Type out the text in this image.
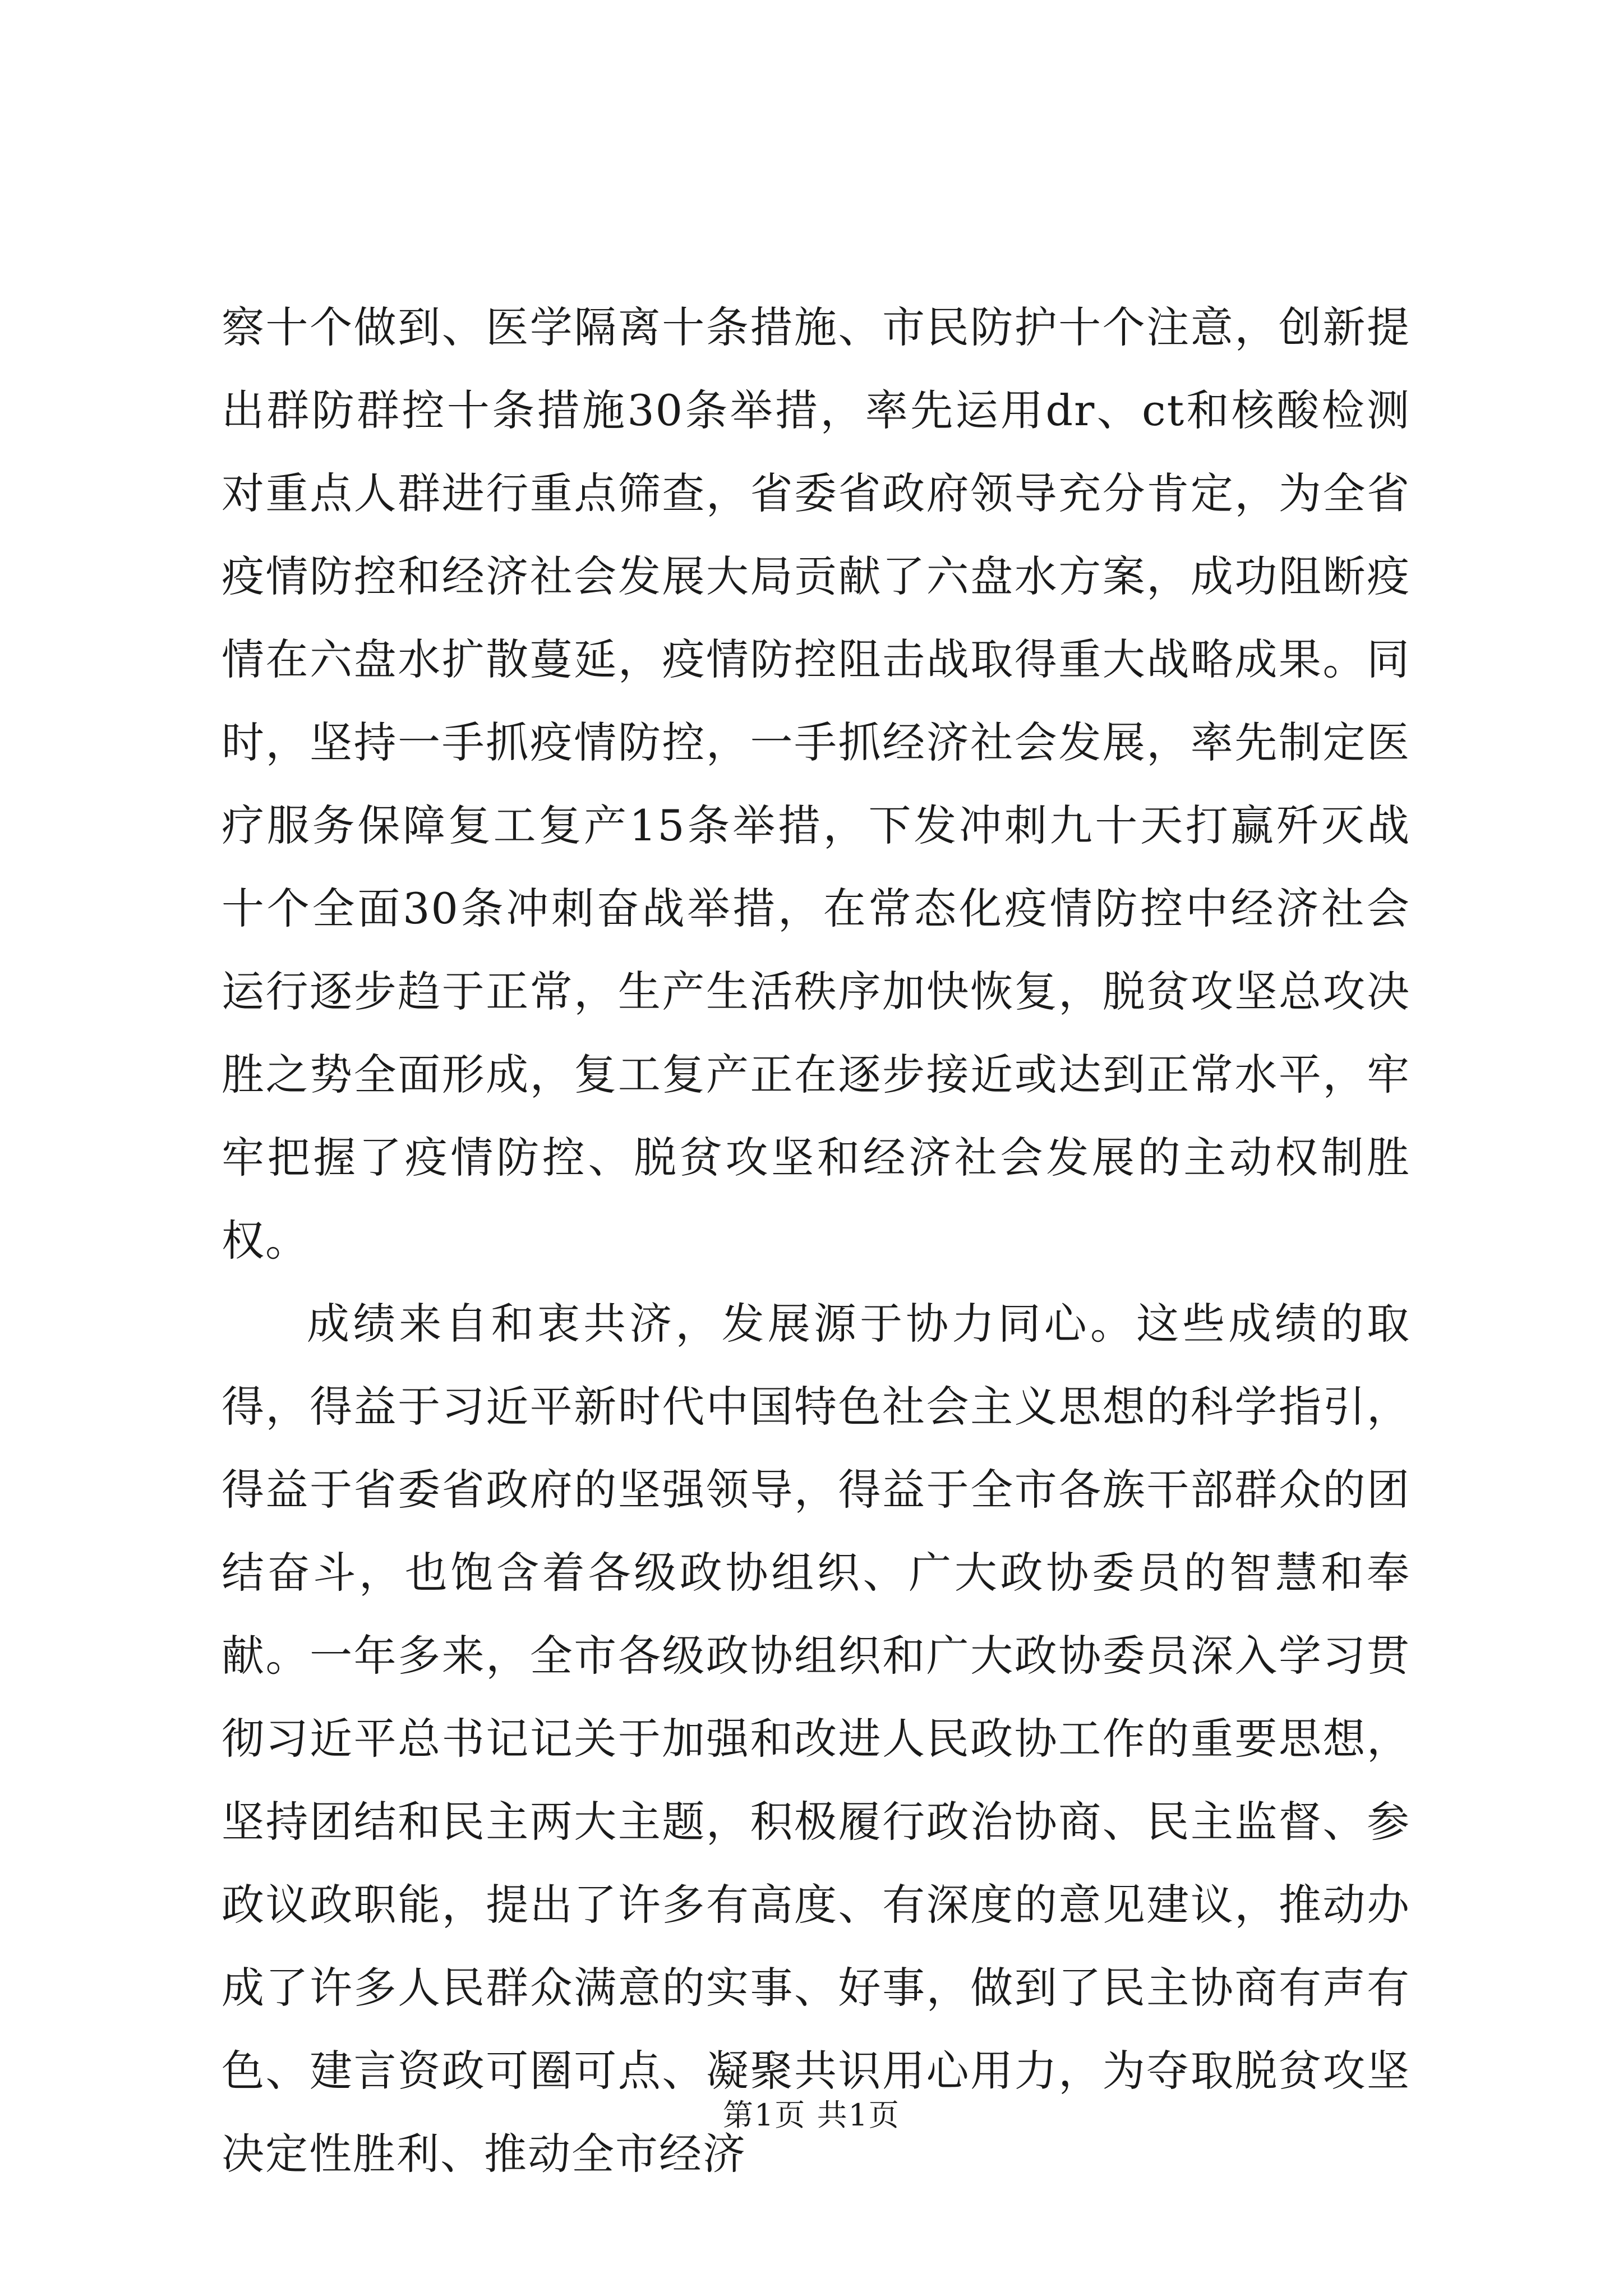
察十个做到、医学隔离十条措施、市民防护十个注意，创新提出群防群控十条措施30条举措，率先运用dr、ct和核酸检测对重点人群进行重点筛查，省委省政府领导充分肯定，为全省疫情防控和经济社会发展大局贡献了六盘水方案，成功阻断疫情在六盘水扩散蔓延，疫情防控阻击战取得重大战略成果。同时，坚持一手抓疫情防控，一手抓经济社会发展，率先制定医疗服务保障复工复产15条举措，下发冲刺九十天打赢歼灭战十个全面30条冲刺奋战举措，在常态化疫情防控中经济社会运行逐步趋于正常，生产生活秩序加快恢复，脱贫攻坚总攻决胜之势全面形成，复工复产正在逐步接近或达到正常水平，牢牢把握了疫情防控、脱贫攻坚和经济社会发展的主动权制胜权。

成绩来自和衷共济，发展源于协力同心。这些成绩的取得，得益于习近平新时代中国特色社会主义思想的科学指引，得益于省委省政府的坚强领导，得益于全市各族干部群众的团结奋斗，也饱含着各级政协组织、广大政协委员的智慧和奉献。一年多来，全市各级政协组织和广大政协委员深入学习贯彻习近平总书记记关于加强和改进人民政协工作的重要思想，坚持团结和民主两大主题，积极履行政治协商、民主监督、参政议政职能，提出了许多有高度、有深度的意见建议，推动办成了许多人民群众满意的实事、好事，做到了民主协商有声有色、建言资政可圈可点、凝聚共识用心用力，为夺取脱贫攻坚决定性胜利、推动全市经济

第1页 共1页
